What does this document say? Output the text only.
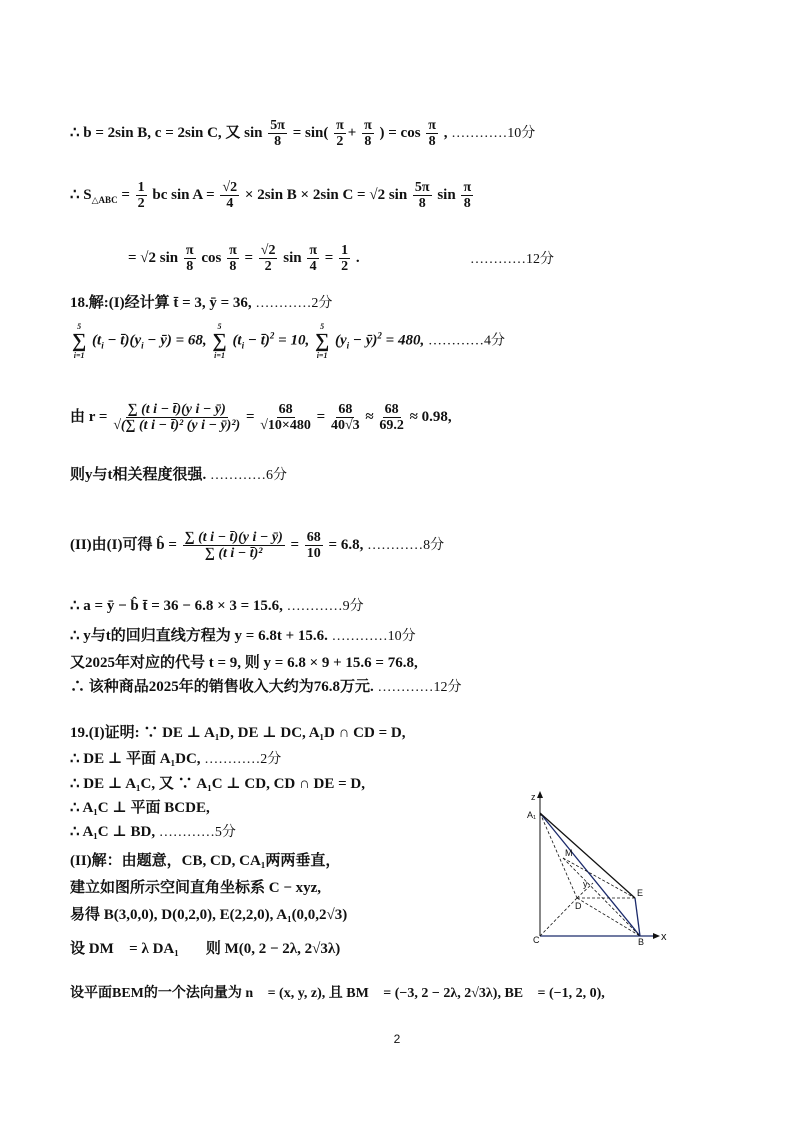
∴ b = 2sin B, c = 2sin C, 又 $\sin \frac{5\pi}{8} = \sin( \frac{\pi}{2} + \frac{\pi}{8}$ ) = $\cos \frac{\pi}{8}$ , …………10分
∴ $S_{\triangle ABC} = \frac{1}{2}$ bc $\sin A = \frac{√2}{4} \times 2\sin$ B × 2sin C = √2 $\sin \frac{5\pi}{8}$ $\sin \frac{\pi}{8}$
= √2 $\sin \frac{\pi}{8}$ $\cos \frac{\pi}{8} = \frac{√2}{2}$ $\sin \frac{\pi}{4} = \frac{1}{2}$ .	…………12分
18.解:(I)经计算 t̄ = 3, ȳ = 36, …………2分
5
∑
i=1
($t_i$ − $t̄)(y_i$ − ȳ) = 68,
5
∑
i=1
($t_i$ − t̄)$^2$ = 10,
5
∑
i=1
($y_i$ − ȳ)$^2$ = 480, …………4分
由 $r = \frac{\text{∑ (t i − t̄)(y i − ȳ)}}{\text{√(∑ (t i − t̄)² (y i − ȳ)²)}} = \frac{68}{√10\times 480} = \frac{68}{40√3} \approx \frac{68}{69.2} \approx 0.98$,
则y与t相关程度很强. …………6分
(II)由(I)可得 b̂ = $\frac{\text{∑ (t i − t̄)(y i − ȳ)}}{\text{∑ (t i − t̄)²}} = \frac{68}{10} = 6.8$, …………8分
∴ a = ȳ − b̂ t̄ = 36 − 6.8 × 3 = 15.6, …………9分
∴ y与t的回归直线方程为 y = 6.8t + 15.6. …………10分
又2025年对应的代号 t = 9, 则 y = 6.8 × 9 + 15.6 = 76.8,
∴ 该种商品2025年的销售收入大约为76.8万元. …………12分
19.(I)证明: ∵ DE ⊥ A₁D, DE ⊥ DC, A₁D ∩ CD = D,
∴ DE ⊥ 平面 A₁DC, …………2分
∴ DE ⊥ A₁C, 又 ∵ A₁C ⊥ CD, CD ∩ DE = D,
∴ A₁C ⊥ 平面 BCDE,
∴ A₁C ⊥ BD, …………5分
(II)解：由题意，CB, CD, CA₁两两垂直，
建立如图所示空间直角坐标系 C − xyz,
易得 B(3,0,0), D(0,2,0), E(2,2,0), A₁(0,0,2√3)
设 DM⃗ = λ DA₁⃗， 则 M(0, 2 − 2λ, 2√3λ)
设平面BEM的一个法向量为 n⃗ = (x, y, z), 且 BM⃗ = (−3, 2 − 2λ, 2√3λ), BE⃗ = (−1, 2, 0),
z
A₁
M
y
D
E
C	B x
2
